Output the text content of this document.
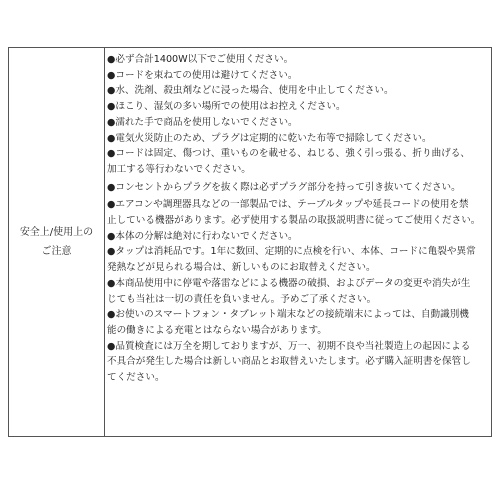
安全上/使用上の
ご注意
●必ず合計1400W以下でご使用ください。
●コードを束ねての使用は避けてください。
●水、洗剤、殺虫剤などに浸った場合、使用を中止してください。
●ほこり、湿気の多い場所での使用はお控えください。
●濡れた手で商品を使用しないでください。
●電気火災防止のため、プラグは定期的に乾いた布等で掃除してください。
●コードは固定、傷つけ、重いものを載せる、ねじる、強く引っ張る、折り曲げる、
加工する等行わないでください。
●コンセントからプラグを抜く際は必ずプラグ部分を持って引き抜いてください。
●エアコンや調理器具などの一部製品では、テーブルタップや延長コードの使用を禁
止している機器があります。必ず使用する製品の取扱説明書に従ってご使用ください。
●本体の分解は絶対に行わないでください。
●タップは消耗品です。1年に数回、定期的に点検を行い、本体、コードに亀裂や異常
発熱などが見られる場合は、新しいものにお取替えください。
●本商品使用中に停電や落雷などによる機器の破損、およびデータの変更や消失が生
じても当社は一切の責任を負いません。予めご了承ください。
●お使いのスマートフォン・タブレット端末などの接続端末によっては、自動識別機
能の働きによる充電とはならない場合があります。
●品質検査には万全を期しておりますが、万一、初期不良や当社製造上の起因による
不具合が発生した場合は新しい商品とお取替えいたします。必ず購入証明書を保管し
てください。
